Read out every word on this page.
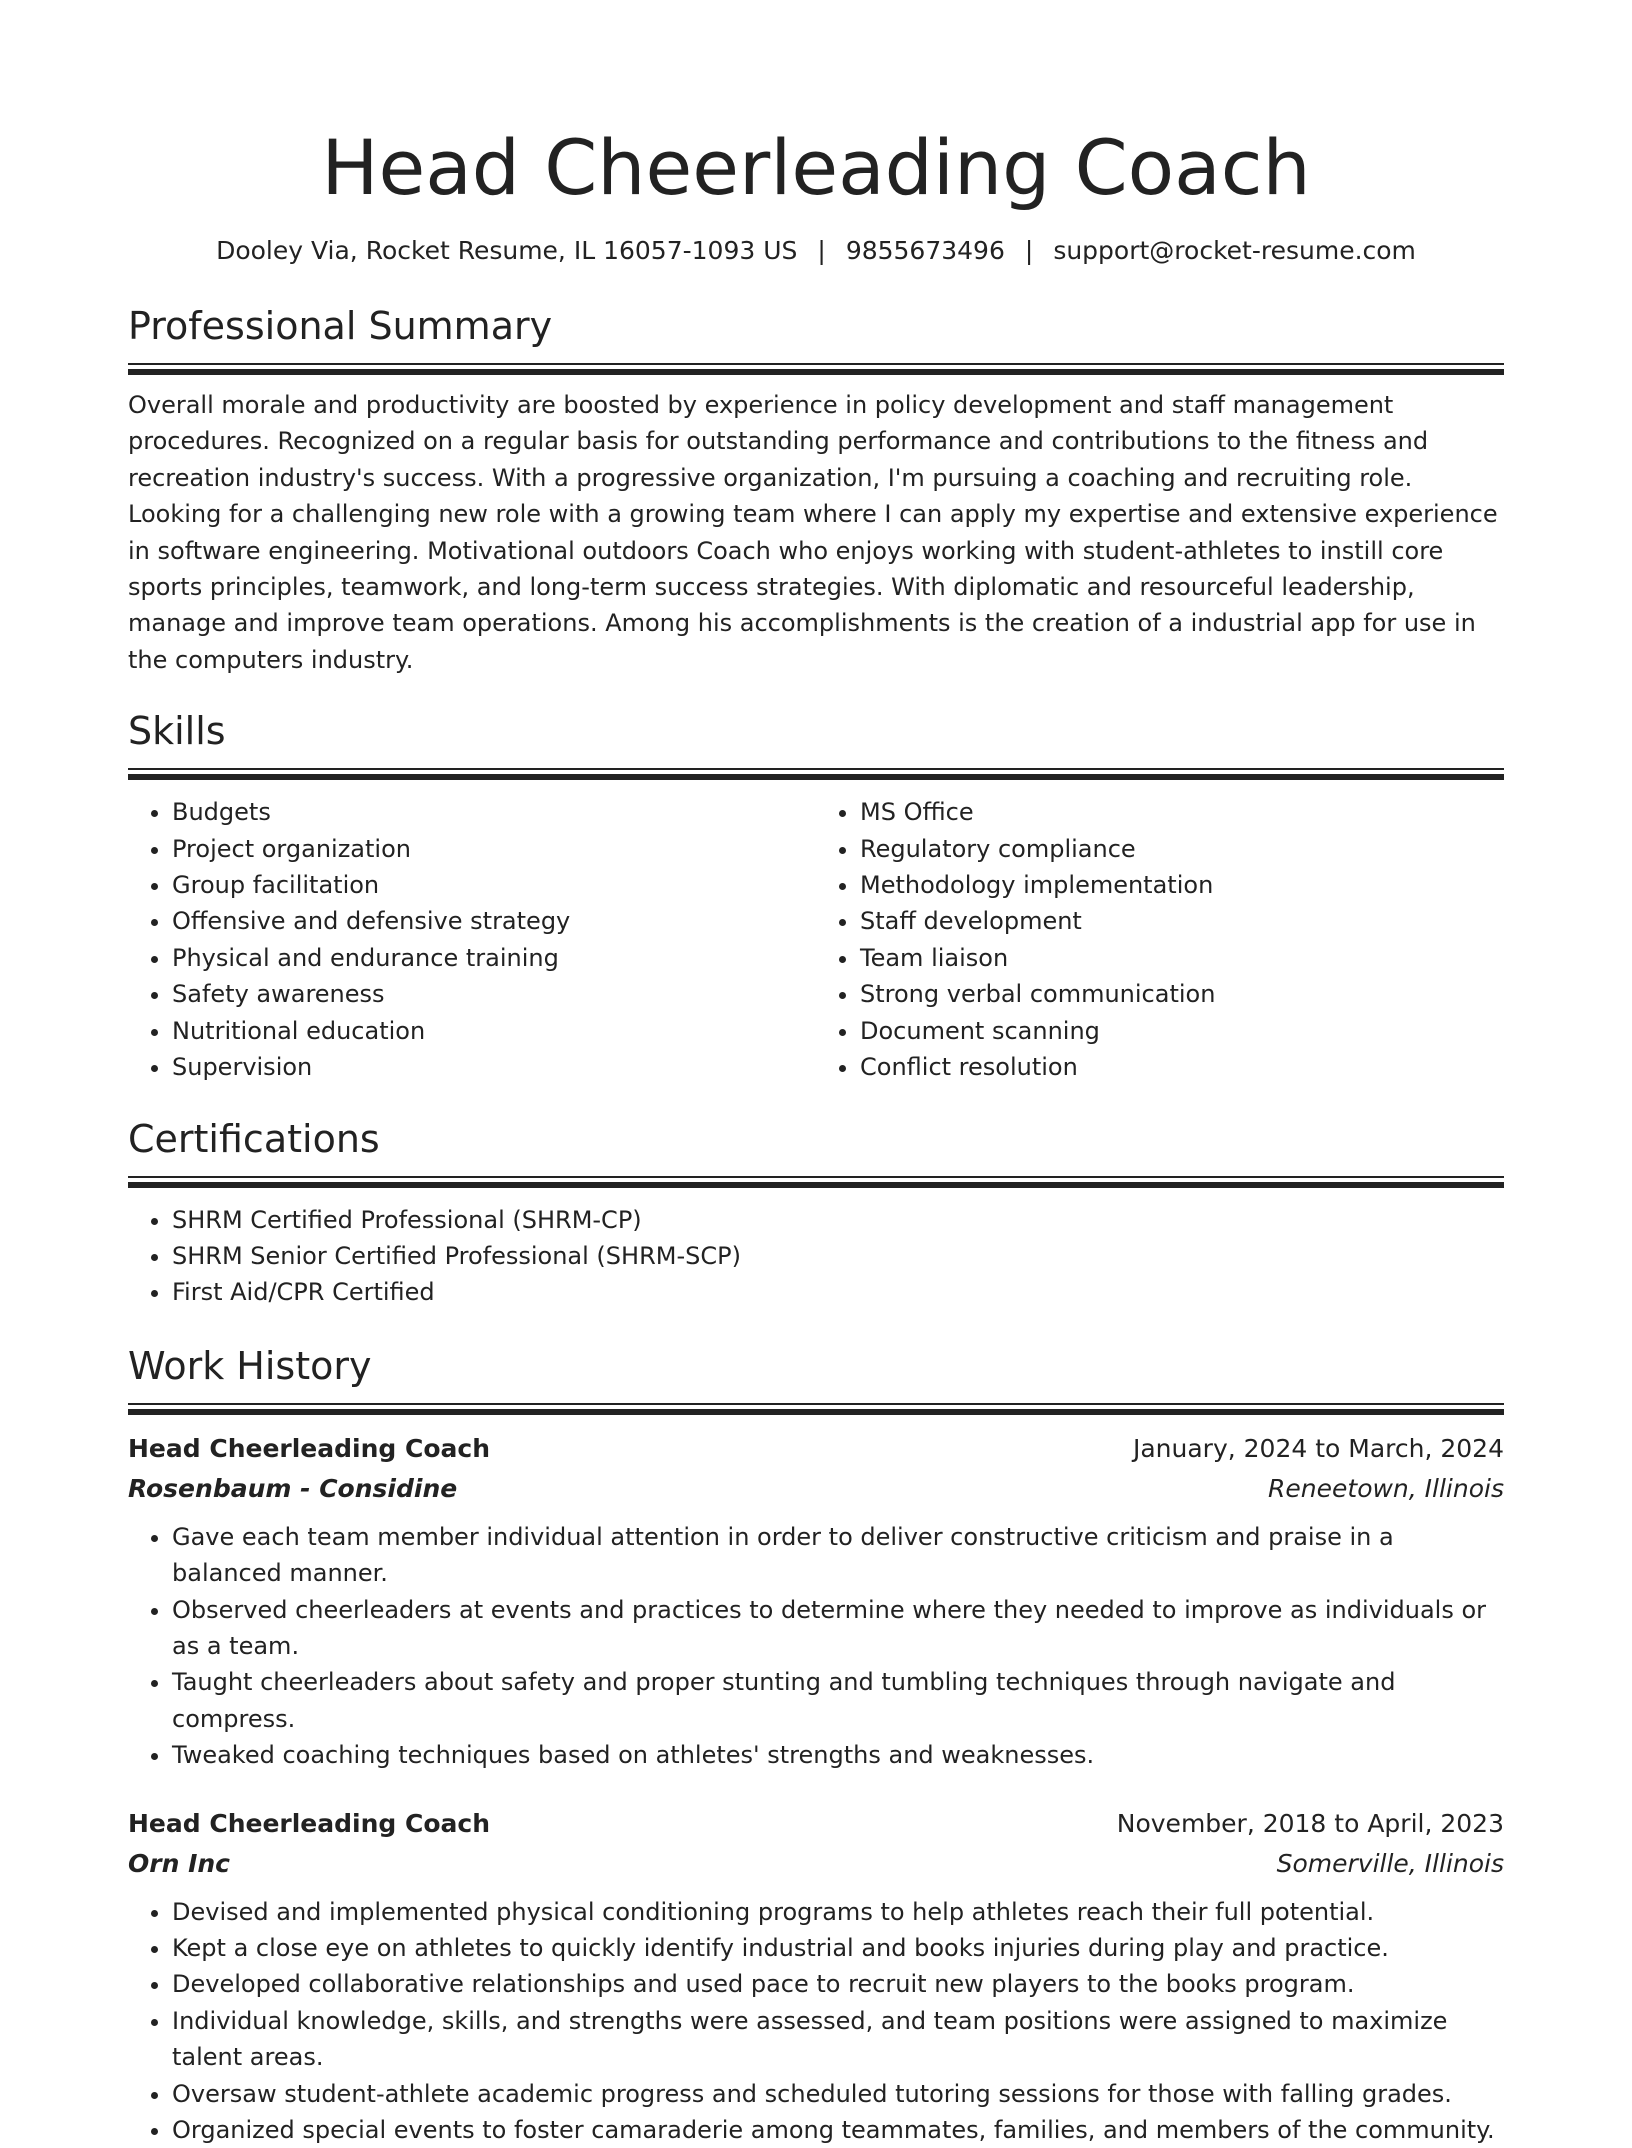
Head Cheerleading Coach
Dooley Via, Rocket Resume, IL 16057-1093 US | 9855673496 | support@rocket-resume.com
Professional Summary
Overall morale and productivity are boosted by experience in policy development and staff management procedures. Recognized on a regular basis for outstanding performance and contributions to the fitness and recreation industry's success. With a progressive organization, I'm pursuing a coaching and recruiting role. Looking for a challenging new role with a growing team where I can apply my expertise and extensive experience in software engineering. Motivational outdoors Coach who enjoys working with student-athletes to instill core sports principles, teamwork, and long-term success strategies. With diplomatic and resourceful leadership, manage and improve team operations. Among his accomplishments is the creation of a industrial app for use in the computers industry.
Skills
• Budgets
• Project organization
• Group facilitation
• Offensive and defensive strategy
• Physical and endurance training
• Safety awareness
• Nutritional education
• Supervision
• MS Office
• Regulatory compliance
• Methodology implementation
• Staff development
• Team liaison
• Strong verbal communication
• Document scanning
• Conflict resolution
Certifications
• SHRM Certified Professional (SHRM-CP)
• SHRM Senior Certified Professional (SHRM-SCP)
• First Aid/CPR Certified
Work History
Head Cheerleading Coach	January, 2024 to March, 2024
Rosenbaum - Considine	Reneetown, Illinois
• Gave each team member individual attention in order to deliver constructive criticism and praise in a balanced manner.
• Observed cheerleaders at events and practices to determine where they needed to improve as individuals or as a team.
• Taught cheerleaders about safety and proper stunting and tumbling techniques through navigate and compress.
• Tweaked coaching techniques based on athletes' strengths and weaknesses.
Head Cheerleading Coach	November, 2018 to April, 2023
Orn Inc	Somerville, Illinois
• Devised and implemented physical conditioning programs to help athletes reach their full potential.
• Kept a close eye on athletes to quickly identify industrial and books injuries during play and practice.
• Developed collaborative relationships and used pace to recruit new players to the books program.
• Individual knowledge, skills, and strengths were assessed, and team positions were assigned to maximize talent areas.
• Oversaw student-athlete academic progress and scheduled tutoring sessions for those with falling grades.
• Organized special events to foster camaraderie among teammates, families, and members of the community.
